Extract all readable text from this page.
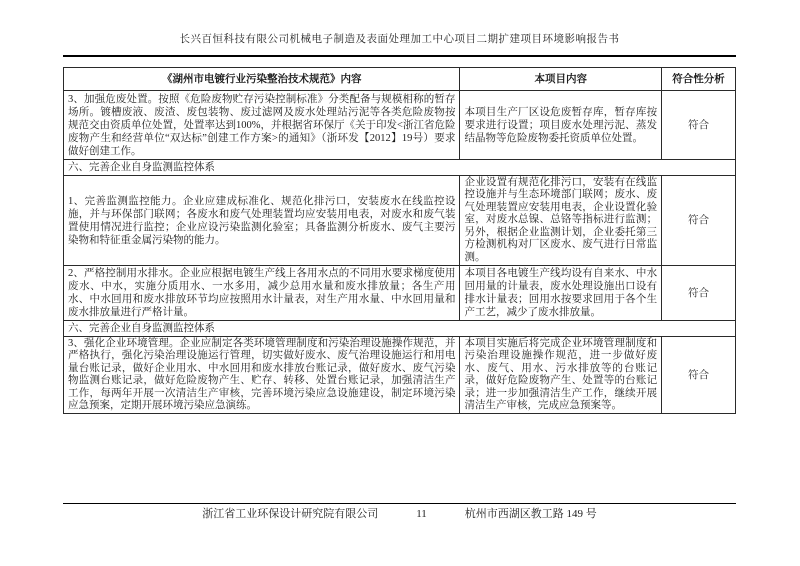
长兴百恒科技有限公司机械电子制造及表面处理加工中心项目二期扩建项目环境影响报告书
《湖州市电镀行业污染整治技术规范》内容	本项目内容	符合性分析
3、加强危废处置。按照《危险废物贮存污染控制标准》分类配备与规模相称的暂存场所。镀槽废液、废渣、废包装物、废过滤网及废水处理站污泥等各类危险废物按规范交由资质单位处置，处置率达到100%，并根据省环保厅《关于印发<浙江省危险废物产生和经营单位“双达标”创建工作方案>的通知》（浙环发【2012】19号）要求做好创建工作。	本项目生产厂区设危废暂存库，暂存库按要求进行设置；项目废水处理污泥、蒸发结晶物等危险废物委托资质单位处置。	符合
六、完善企业自身监测监控体系		
1、完善监测监控能力。企业应建成标准化、规范化排污口，安装废水在线监控设施，并与环保部门联网；各废水和废气处理装置均应安装用电表，对废水和废气装置使用情况进行监控；企业应设污染监测化验室；具备监测分析废水、废气主要污染物和特征重金属污染物的能力。	企业设置有规范化排污口，安装有在线监控设施并与生态环境部门联网；废水、废气处理装置应安装用电表，企业设置化验室，对废水总镍、总铬等指标进行监测；另外，根据企业监测计划，企业委托第三方检测机构对厂区废水、废气进行日常监测。	符合
2、严格控制用水排水。企业应根据电镀生产线上各用水点的不同用水要求梯度使用废水、中水，实施分质用水、一水多用，减少总用水量和废水排放量；各生产用水、中水回用和废水排放环节均应按照用水计量表，对生产用水量、中水回用量和废水排放量进行严格计量。	本项目各电镀生产线均设有自来水、中水回用量的计量表，废水处理设施出口设有排水计量表；回用水按要求回用于各个生产工艺，减少了废水排放量。	符合
六、完善企业自身监测监控体系		
3、强化企业环境管理。企业应制定各类环境管理制度和污染治理设施操作规范，并严格执行，强化污染治理设施运行管理，切实做好废水、废气治理设施运行和用电量台账记录，做好企业用水、中水回用和废水排放台账记录，做好废水、废气污染物监测台账记录，做好危险废物产生、贮存、转移、处置台账记录，加强清洁生产工作，每两年开展一次清洁生产审核，完善环境污染应急设施建设，制定环境污染应急预案，定期开展环境污染应急演练。	本项目实施后将完成企业环境管理制度和污染治理设施操作规范，进一步做好废水、废气、用水、污水排放等的台账记录，做好危险废物产生、处置等的台账记录；进一步加强清洁生产工作，继续开展清洁生产审核，完成应急预案等。	符合
浙江省工业环保设计研究院有限公司	11	杭州市西湖区教工路 149 号
